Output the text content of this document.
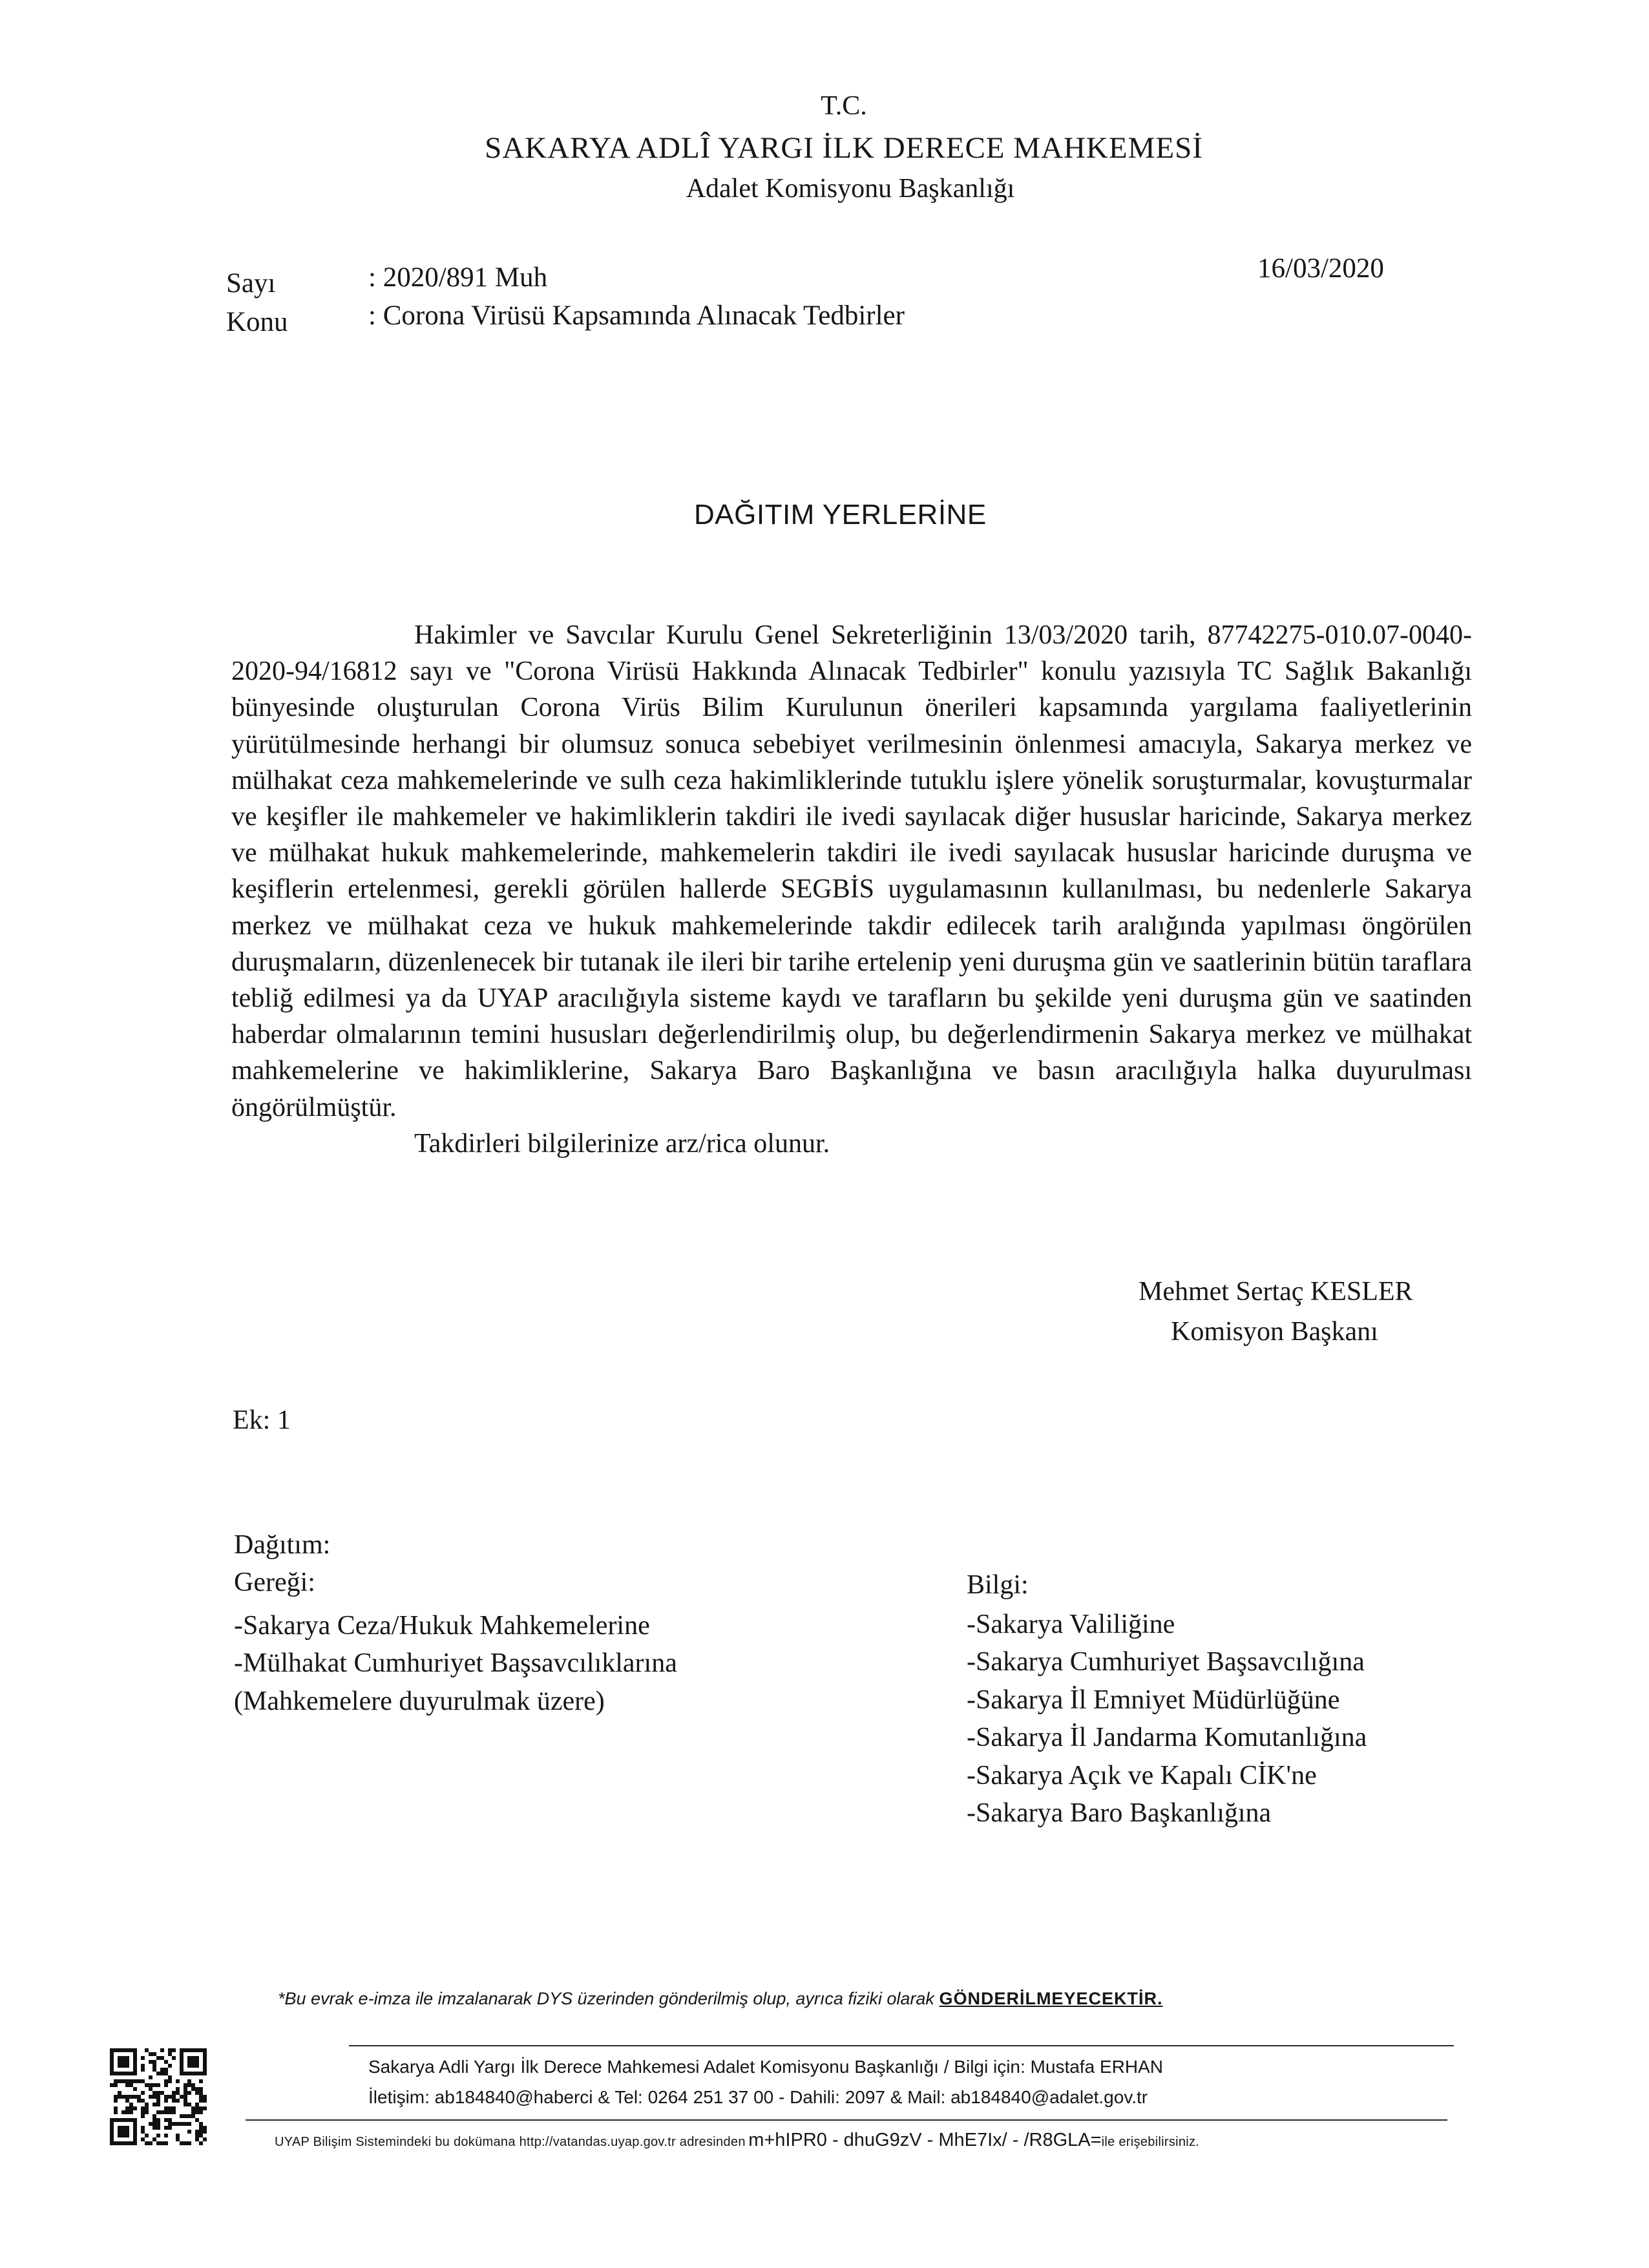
T.C.
SAKARYA ADLÎ YARGI İLK DERECE MAHKEMESİ
Adalet Komisyonu Başkanlığı
Sayı	: 2020/891 Muh
Konu	: Corona Virüsü Kapsamında Alınacak Tedbirler
16/03/2020
DAĞITIM YERLERİNE

Hakimler ve Savcılar Kurulu Genel Sekreterliğinin 13/03/2020 tarih, 87742275-010.07-0040-2020-94/16812 sayı ve "Corona Virüsü Hakkında Alınacak Tedbirler" konulu yazısıyla TC Sağlık Bakanlığı bünyesinde oluşturulan Corona Virüs Bilim Kurulunun önerileri kapsamında yargılama faaliyetlerinin yürütülmesinde herhangi bir olumsuz sonuca sebebiyet verilmesinin önlenmesi amacıyla, Sakarya merkez ve mülhakat ceza mahkemelerinde ve sulh ceza hakimliklerinde tutuklu işlere yönelik soruşturmalar, kovuşturmalar ve keşifler ile mahkemeler ve hakimliklerin takdiri ile ivedi sayılacak diğer hususlar haricinde, Sakarya merkez ve mülhakat hukuk mahkemelerinde, mahkemelerin takdiri ile ivedi sayılacak hususlar haricinde duruşma ve keşiflerin ertelenmesi, gerekli görülen hallerde SEGBİS uygulamasının kullanılması, bu nedenlerle Sakarya merkez ve mülhakat ceza ve hukuk mahkemelerinde takdir edilecek tarih aralığında yapılması öngörülen duruşmaların, düzenlenecek bir tutanak ile ileri bir tarihe ertelenip yeni duruşma gün ve saatlerinin bütün taraflara tebliğ edilmesi ya da UYAP aracılığıyla sisteme kaydı ve tarafların bu şekilde yeni duruşma gün ve saatinden haberdar olmalarının temini hususları değerlendirilmiş olup, bu değerlendirmenin Sakarya merkez ve mülhakat mahkemelerine ve hakimliklerine, Sakarya Baro Başkanlığına ve basın aracılığıyla halka duyurulması öngörülmüştür.

Takdirleri bilgilerinize arz/rica olunur.

Mehmet Sertaç KESLER
Komisyon Başkanı
Ek: 1
Dağıtım:
Gereği:
-Sakarya Ceza/Hukuk Mahkemelerine
-Mülhakat Cumhuriyet Başsavcılıklarına
(Mahkemelere duyurulmak üzere)
Bilgi:
-Sakarya Valiliğine
-Sakarya Cumhuriyet Başsavcılığına
-Sakarya İl Emniyet Müdürlüğüne
-Sakarya İl Jandarma Komutanlığına
-Sakarya Açık ve Kapalı CİK'ne
-Sakarya Baro Başkanlığına
*Bu evrak e-imza ile imzalanarak DYS üzerinden gönderilmiş olup, ayrıca fiziki olarak GÖNDERİLMEYECEKTİR.
Sakarya Adli Yargı İlk Derece Mahkemesi Adalet Komisyonu Başkanlığı / Bilgi için: Mustafa ERHAN
İletişim: ab184840@haberci & Tel: 0264 251 37 00 - Dahili: 2097 & Mail: ab184840@adalet.gov.tr
UYAP Bilişim Sistemindeki bu dokümana http://vatandas.uyap.gov.tr adresinden m+hIPR0 - dhuG9zV - MhE7Ix/ - /R8GLA=ile erişebilirsiniz.
